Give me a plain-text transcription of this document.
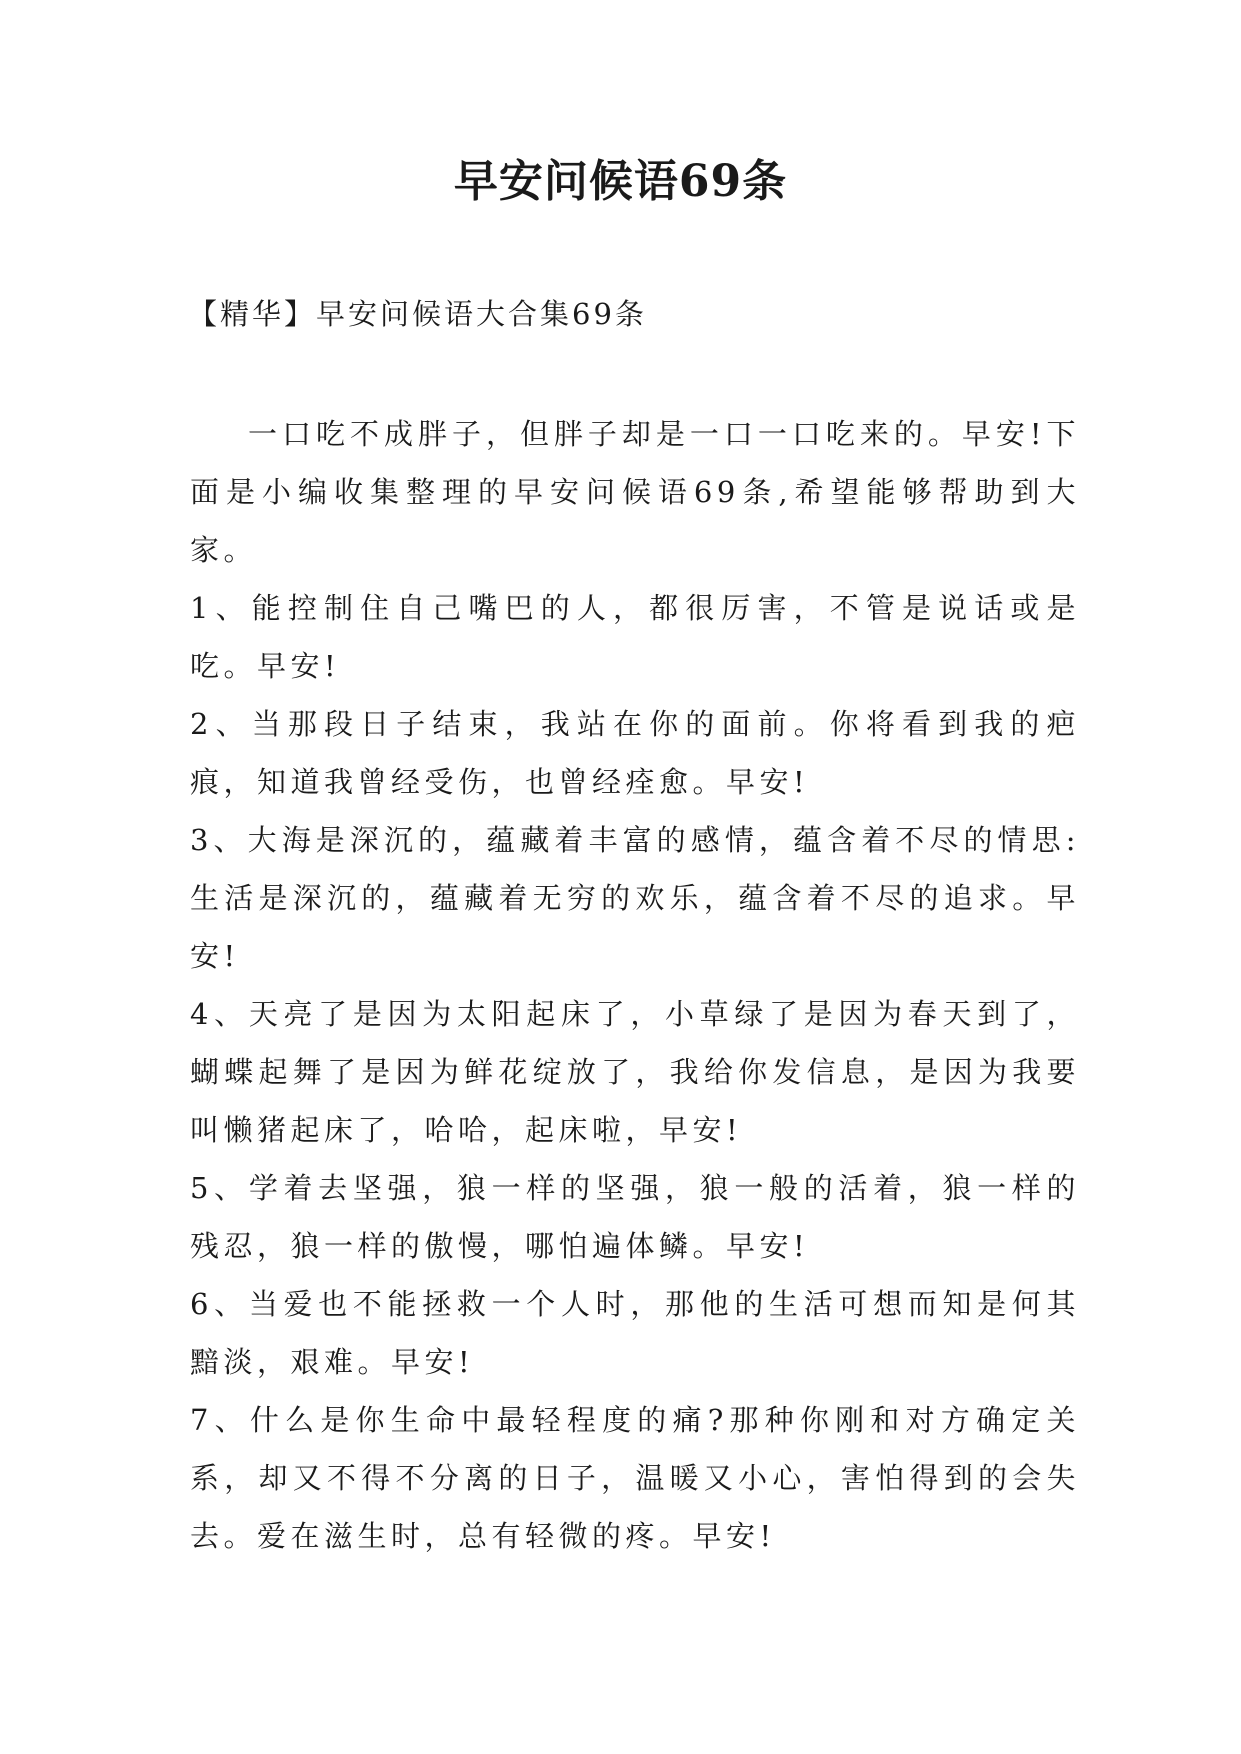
早安问候语69条
【精华】早安问候语大合集69条

一口吃不成胖子，但胖子却是一口一口吃来的。早安!下面是小编收集整理的早安问候语69条,希望能够帮助到大家。

1、能控制住自己嘴巴的人，都很厉害，不管是说话或是吃。早安!

2、当那段日子结束，我站在你的面前。你将看到我的疤痕，知道我曾经受伤，也曾经痊愈。早安!

3、大海是深沉的，蕴藏着丰富的感情，蕴含着不尽的情思:生活是深沉的，蕴藏着无穷的欢乐，蕴含着不尽的追求。早安!

4、天亮了是因为太阳起床了，小草绿了是因为春天到了，蝴蝶起舞了是因为鲜花绽放了，我给你发信息，是因为我要叫懒猪起床了，哈哈，起床啦，早安!

5、学着去坚强，狼一样的坚强，狼一般的活着，狼一样的残忍，狼一样的傲慢，哪怕遍体鳞。早安!

6、当爱也不能拯救一个人时，那他的生活可想而知是何其黯淡，艰难。早安!

7、什么是你生命中最轻程度的痛?那种你刚和对方确定关系，却又不得不分离的日子，温暖又小心，害怕得到的会失去。爱在滋生时，总有轻微的疼。早安!
